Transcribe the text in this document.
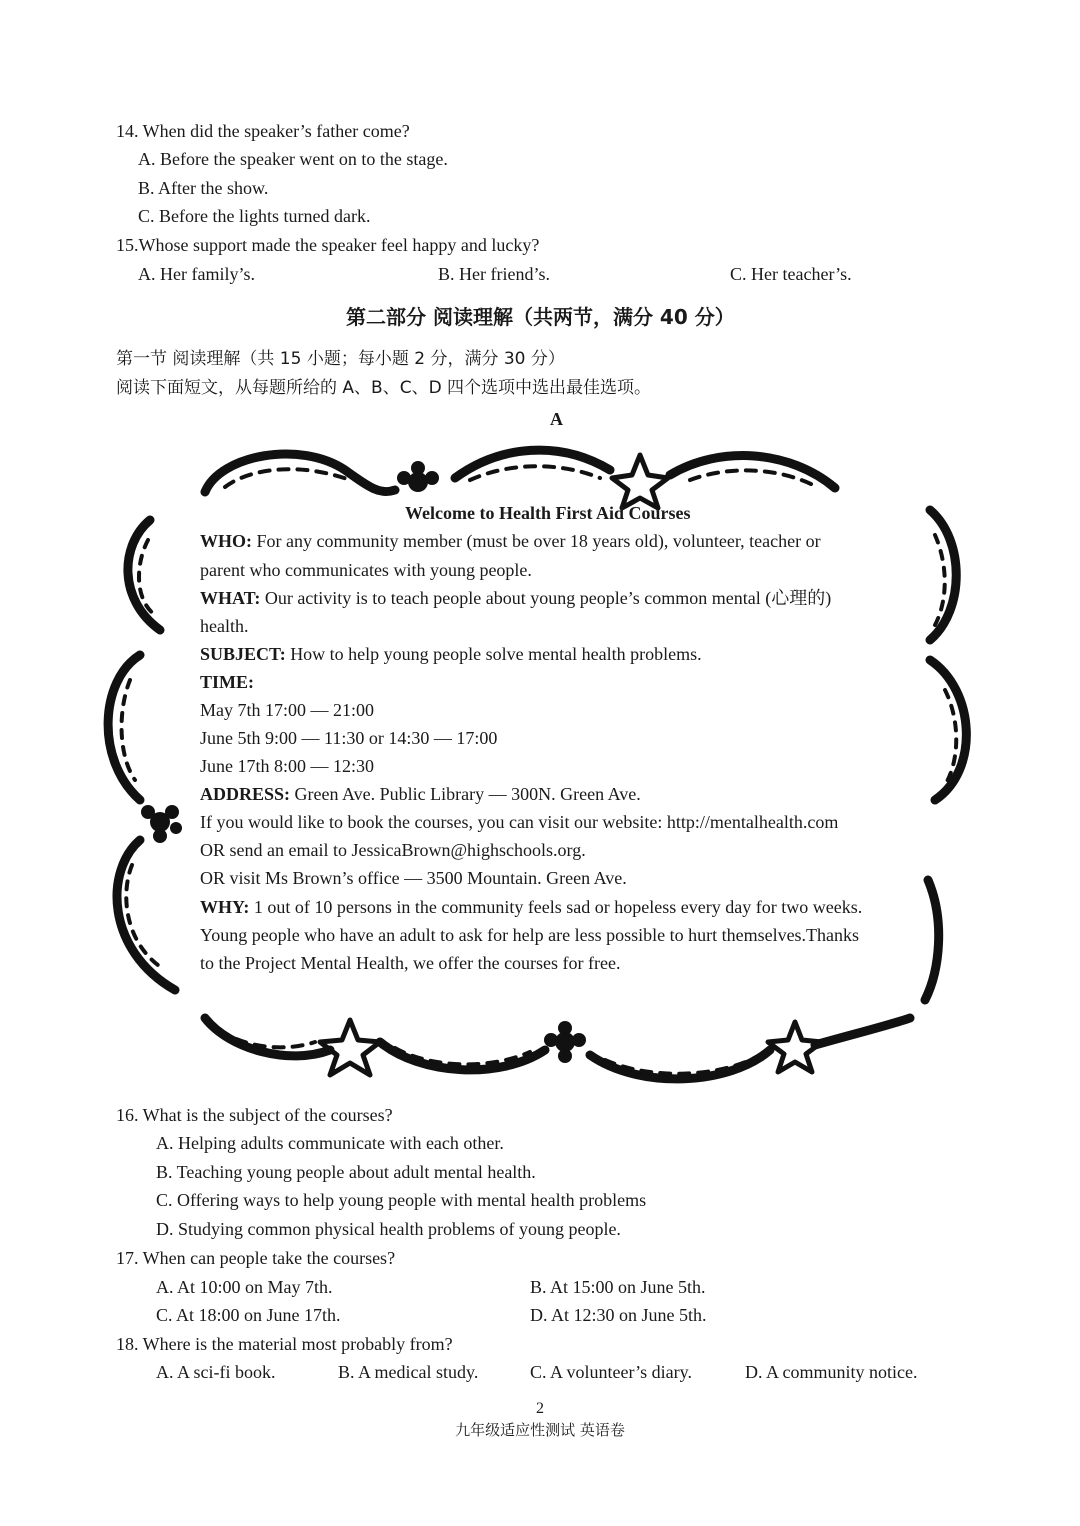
14. When did the speaker’s father come?
A. Before the speaker went on to the stage.
B. After the show.
C. Before the lights turned dark.
15.Whose support made the speaker feel happy and lucky?
A. Her family’s.	B. Her friend’s.	C. Her teacher’s.
第二部分 阅读理解（共两节，满分 40 分）
第一节 阅读理解（共 15 小题；每小题 2 分，满分 30 分）
阅读下面短文，从每题所给的 A、B、C、D 四个选项中选出最佳选项。
A
Welcome to Health First Aid Courses
WHO: For any community member (must be over 18 years old), volunteer, teacher or
parent who communicates with young people.
WHAT: Our activity is to teach people about young people’s common mental (心理的)
health.
SUBJECT: How to help young people solve mental health problems.
TIME:
May 7th 17:00 — 21:00
June 5th 9:00 — 11:30 or 14:30 — 17:00
June 17th 8:00 — 12:30
ADDRESS: Green Ave. Public Library — 300N. Green Ave.
If you would like to book the courses, you can visit our website: http://mentalhealth.com
OR send an email to JessicaBrown@highschools.org.
OR visit Ms Brown’s office — 3500 Mountain. Green Ave.
WHY: 1 out of 10 persons in the community feels sad or hopeless every day for two weeks.
Young people who have an adult to ask for help are less possible to hurt themselves.Thanks
to the Project Mental Health, we offer the courses for free.
16. What is the subject of the courses?
A. Helping adults communicate with each other.
B. Teaching young people about adult mental health.
C. Offering ways to help young people with mental health problems
D. Studying common physical health problems of young people.
17. When can people take the courses?
A. At 10:00 on May 7th.	B. At 15:00 on June 5th.
C. At 18:00 on June 17th.	D. At 12:30 on June 5th.
18. Where is the material most probably from?
A. A sci-fi book.	B. A medical study.	C. A volunteer’s diary.	D. A community notice.
2
九年级适应性测试 英语卷
